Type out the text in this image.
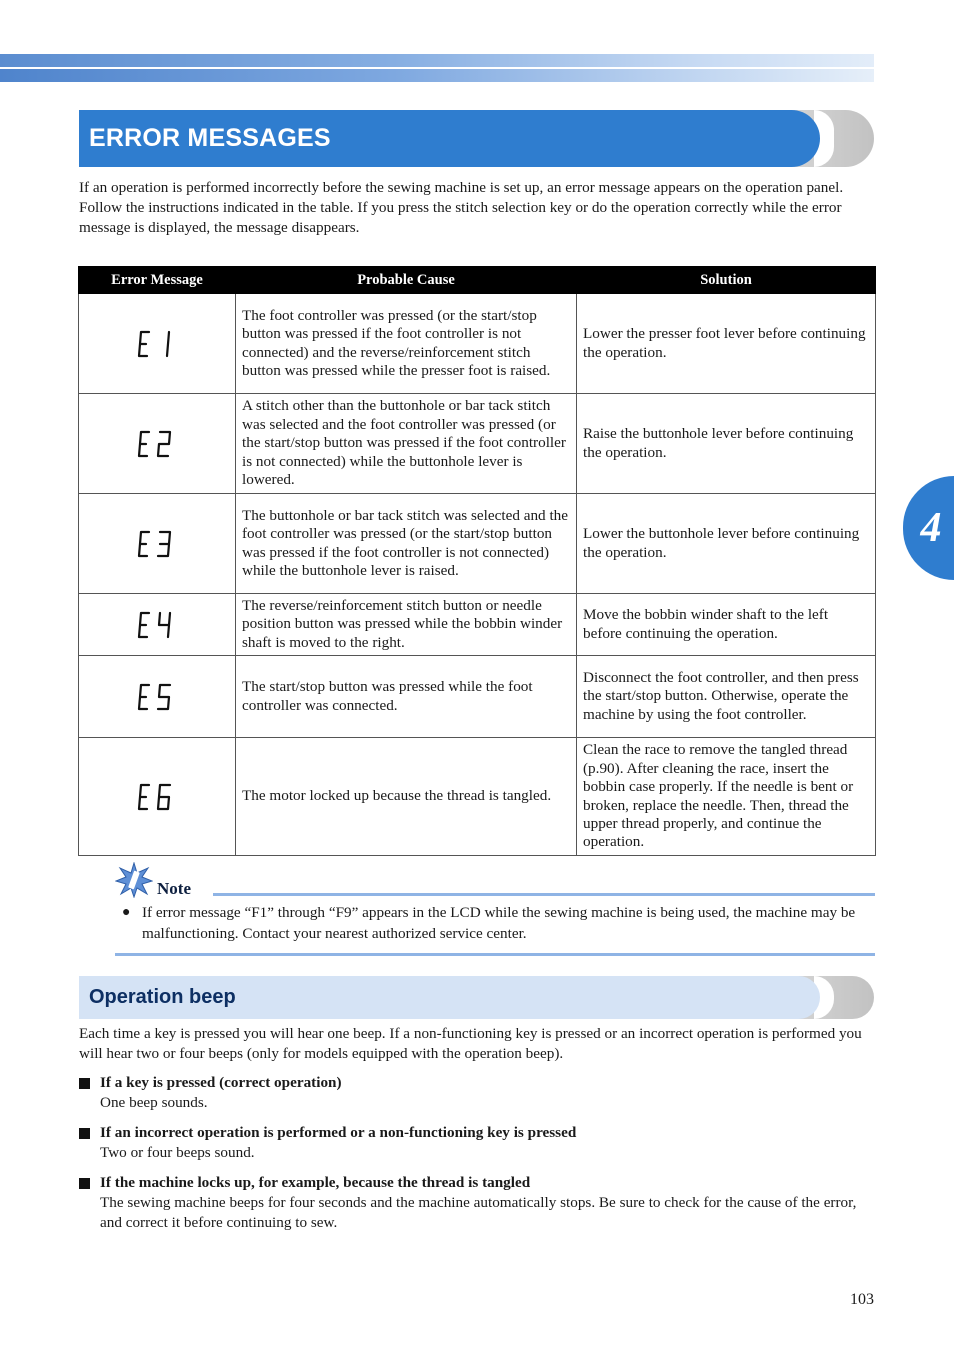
ERROR MESSAGES

If an operation is performed incorrectly before the sewing machine is set up, an error message appears on the operation panel. Follow the instructions indicated in the table. If you press the stitch selection key or do the operation correctly while the error message is displayed, the message disappears.

Error Message	Probable Cause	Solution

	The foot controller was pressed (or the start/stop button was pressed if the foot controller is not connected) and the reverse/reinforcement stitch button was pressed while the presser foot is raised.	Lower the presser foot lever before continuing the operation.

	A stitch other than the buttonhole or bar tack stitch was selected and the foot controller was pressed (or the start/stop button was pressed if the foot controller is not connected) while the buttonhole lever is lowered.	Raise the buttonhole lever before continuing the operation.

	The buttonhole or bar tack stitch was selected and the foot controller was pressed (or the start/stop button was pressed if the foot controller is not connected) while the buttonhole lever is raised.	Lower the buttonhole lever before continuing the operation.

	The reverse/reinforcement stitch button or needle position button was pressed while the bobbin winder shaft is moved to the right.	Move the bobbin winder shaft to the left before continuing the operation.

	The start/stop button was pressed while the foot controller was connected.	Disconnect the foot controller, and then press the start/stop button. Otherwise, operate the machine by using the foot controller.

	The motor locked up because the thread is tangled.	Clean the race to remove the tangled thread (p.90). After cleaning the race, insert the bobbin case properly. If the needle is bent or broken, replace the needle. Then, thread the upper thread properly, and continue the operation.
4
Note
● If error message “F1” through “F9” appears in the LCD while the sewing machine is being used, the machine may be malfunctioning. Contact your nearest authorized service center.
Operation beep

Each time a key is pressed you will hear one beep. If a non-functioning key is pressed or an incorrect operation is performed you will hear two or four beeps (only for models equipped with the operation beep).

If a key is pressed (correct operation)
One beep sounds.
If an incorrect operation is performed or a non-functioning key is pressed
Two or four beeps sound.
If the machine locks up, for example, because the thread is tangled
The sewing machine beeps for four seconds and the machine automatically stops. Be sure to check for the cause of the error, and correct it before continuing to sew.
103
